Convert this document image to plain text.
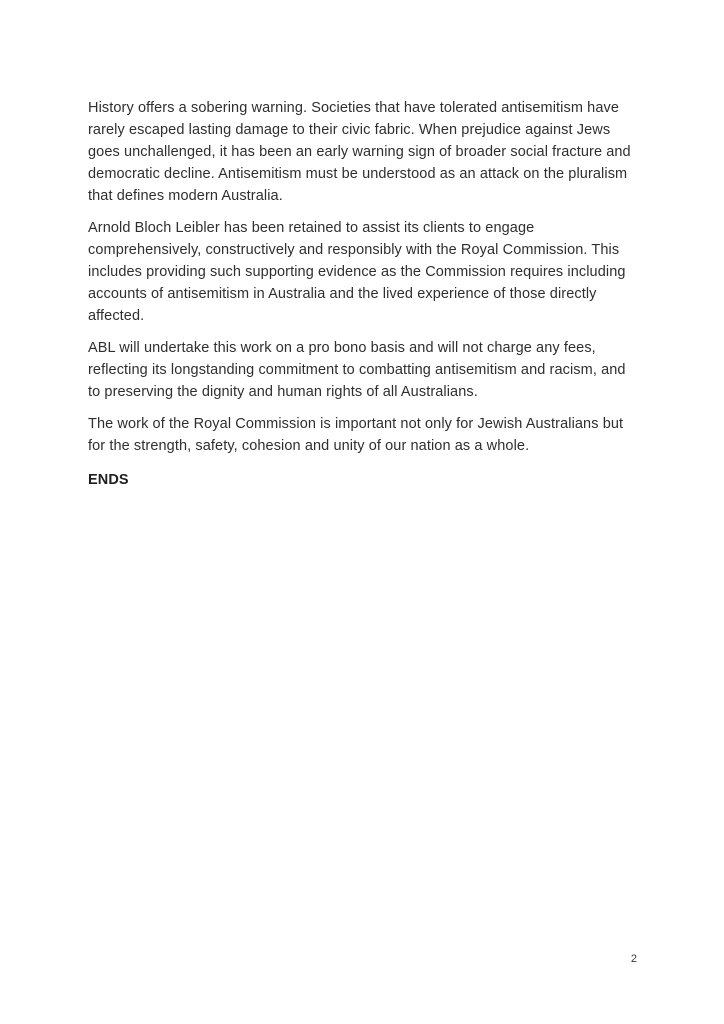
History offers a sobering warning. Societies that have tolerated antisemitism have rarely escaped lasting damage to their civic fabric. When prejudice against Jews goes unchallenged, it has been an early warning sign of broader social fracture and democratic decline. Antisemitism must be understood as an attack on the pluralism that defines modern Australia.

Arnold Bloch Leibler has been retained to assist its clients to engage comprehensively, constructively and responsibly with the Royal Commission. This includes providing such supporting evidence as the Commission requires including accounts of antisemitism in Australia and the lived experience of those directly affected.

ABL will undertake this work on a pro bono basis and will not charge any fees, reflecting its longstanding commitment to combatting antisemitism and racism, and to preserving the dignity and human rights of all Australians.

The work of the Royal Commission is important not only for Jewish Australians but for the strength, safety, cohesion and unity of our nation as a whole.

ENDS

2
